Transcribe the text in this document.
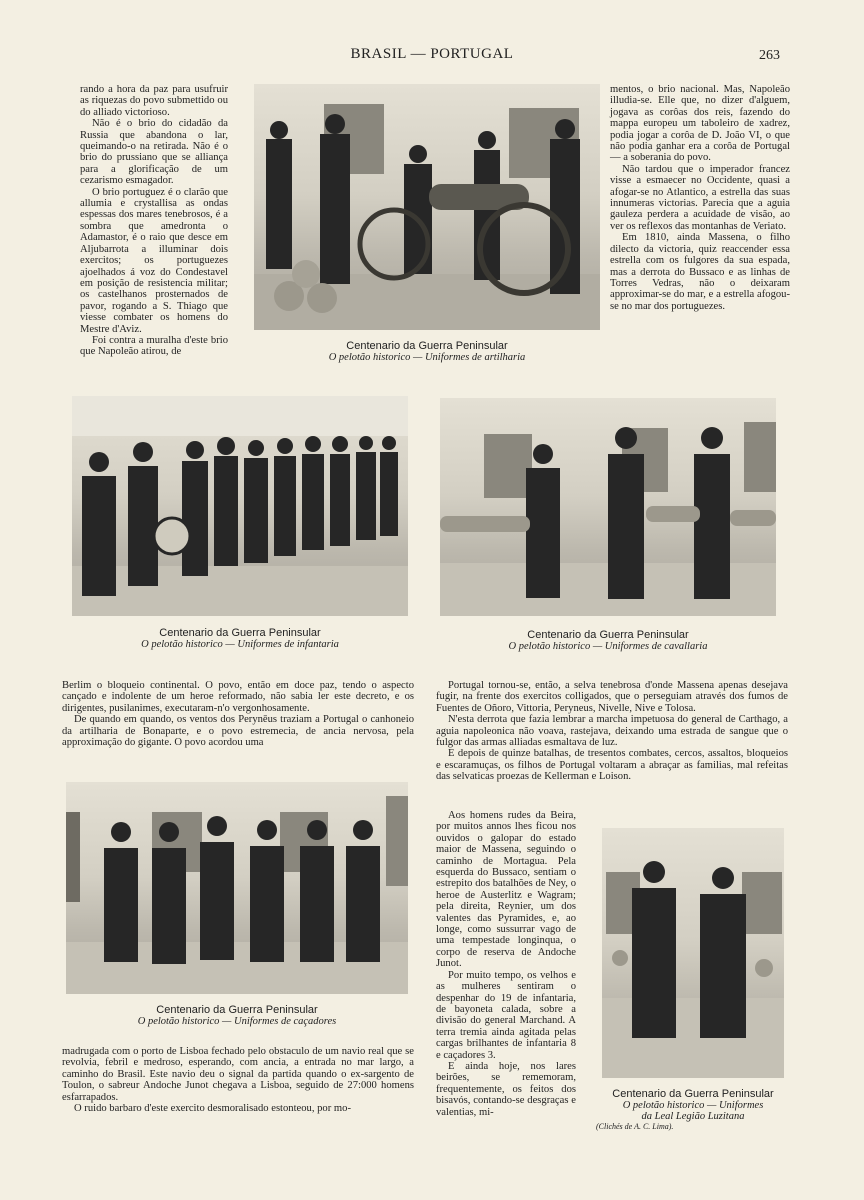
BRASIL — PORTUGAL	263

rando a hora da paz para usufruir as riquezas do povo submettido ou do alliado victorioso.

Não é o brio do cidadão da Russia que abandona o lar, queimando-o na retirada. Não é o brio do prussiano que se alliança para a glorificação de um cezarismo esmagador.

O brio portuguez é o clarão que allumia e crystallisa as ondas espessas dos mares tenebrosos, é a sombra que amedronta o Adamastor, é o raio que desce em Aljubarrota a illuminar dois exercitos; os portuguezes ajoelhados á voz do Condestavel em posição de resistencia militar; os castelhanos prosternados de pavor, rogando a S. Thiago que viesse combater os homens do Mestre d'Aviz.

Foi contra a muralha d'este brio que Napoleão atirou, de	Centenario da Guerra Peninsular
O pelotão historico — Uniformes de artilharia

mentos, o brio nacional. Mas, Napoleão illudia-se. Elle que, no dizer d'alguem, jogava as corôas dos reis, fazendo do mappa europeu um taboleiro de xadrez, podia jogar a corôa de D. João VI, o que não podia ganhar era a corôa de Portugal — a soberania do povo.

Não tardou que o imperador francez visse a esmaecer no Occidente, quasi a afogar-se no Atlantico, a estrella das suas innumeras victorias. Parecia que a aguia gauleza perdera a acuidade de visão, ao ver os reflexos das montanhas de Veriato.

Em 1810, ainda Massena, o filho dilecto da victoria, quiz reaccender essa estrella com os fulgores da sua espada, mas a derrota do Bussaco e as linhas de Torres Vedras, não o deixaram approximar-se do mar, e a estrella afogou-se no mar dos portuguezes.

Centenario da Guerra Peninsular
O pelotão historico — Uniformes de infantaria
Centenario da Guerra Peninsular
O pelotão historico — Uniformes de cavallaria

Berlim o bloqueio continental. O povo, então em doce paz, tendo o aspecto cançado e indolente de um heroe reformado, não sabia ler este decreto, e os dirigentes, pusilanimes, executaram-n'o vergonhosamente.

De quando em quando, os ventos dos Perynēus traziam a Portugal o canhoneio da artilharia de Bonaparte, e o povo estremecia, de ancia nervosa, pela approximação do gigante. O povo acordou uma

Portugal tornou-se, então, a selva tenebrosa d'onde Massena apenas desejava fugir, na frente dos exercitos colligados, que o perseguiam através dos fumos de Fuentes de Oñoro, Vittoria, Peryneus, Nivelle, Nive e Tolosa.

N'esta derrota que fazia lembrar a marcha impetuosa do general de Carthago, a aguia napoleonica não voava, rastejava, deixando uma estrada de sangue que o fulgor das armas alliadas esmaltava de luz.

E depois de quinze batalhas, de tresentos combates, cercos, assaltos, bloqueios e escaramuças, os filhos de Portugal voltaram a abraçar as familias, mal refeitas das selvaticas proezas de Kellerman e Loison.

Centenario da Guerra Peninsular
O pelotão historico — Uniformes de caçadores

Aos homens rudes da Beira, por muitos annos lhes ficou nos ouvidos o galopar do estado maior de Massena, seguindo o caminho de Mortagua. Pela esquerda do Bussaco, sentiam o estrepito dos batalhões de Ney, o heroe de Austerlitz e Wagram; pela direita, Reynier, um dos valentes das Pyramides, e, ao longe, como sussurrar vago de uma tempestade longinqua, o corpo de reserva de Andoche Junot.

Por muito tempo, os velhos e as mulheres sentiram o despenhar do 19 de infantaria, de bayoneta calada, sobre a divisão do general Marchand. A terra tremia ainda agitada pelas cargas brilhantes de infantaria 8 e caçadores 3.

E ainda hoje, nos lares beirões, se rememoram, frequentemente, os feitos dos bisavós, contando-se desgraças e valentias, mi-

Centenario da Guerra Peninsular
O pelotão historico — Uniformes
da Leal Legião Luzitana
(Clichés de A. C. Lima).

madrugada com o porto de Lisboa fechado pelo obstaculo de um navio real que se revolvia, febril e medroso, esperando, com ancia, a entrada no mar largo, a caminho do Brasil. Este navio deu o signal da partida quando o ex-sargento de Toulon, o sabreur Andoche Junot chegava a Lisboa, seguido de 27:000 homens esfarrapados.

O ruido barbaro d'este exercito desmoralisado estonteou, por mo-
